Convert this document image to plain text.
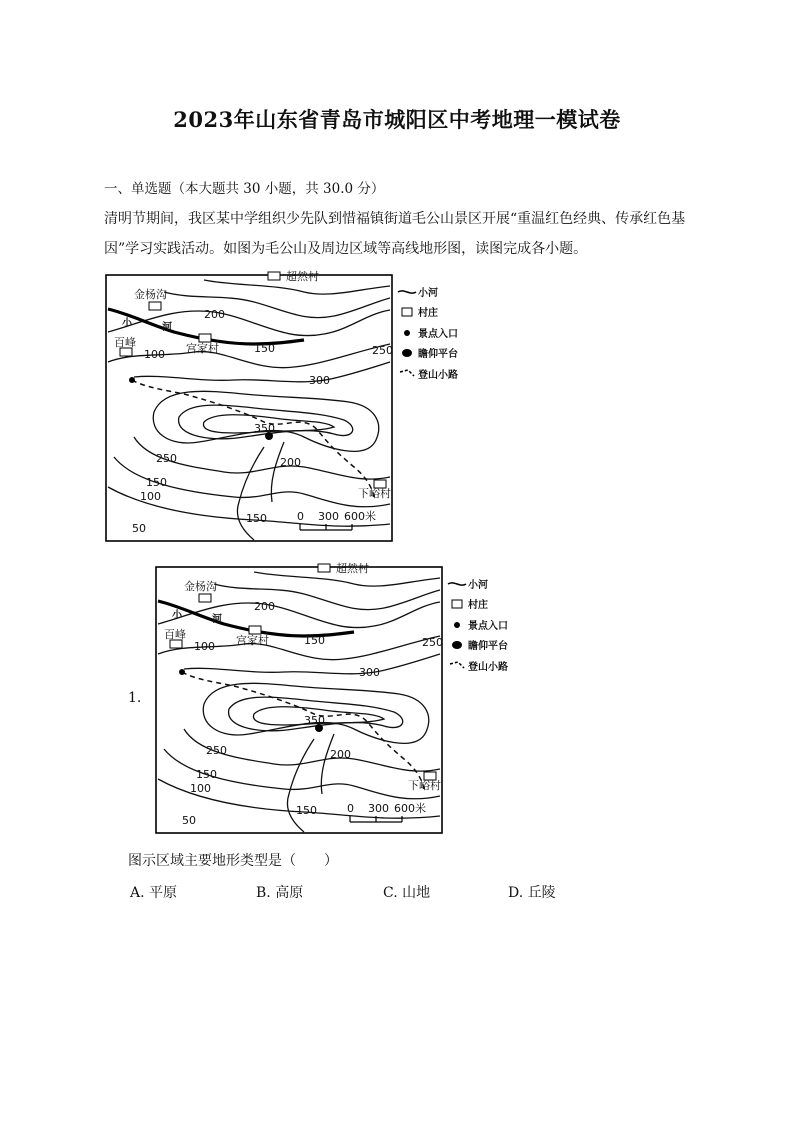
2023年山东省青岛市城阳区中考地理一模试卷
一、单选题（本大题共 30 小题，共 30.0 分）
清明节期间，我区某中学组织少先队到惜福镇街道毛公山景区开展“重温红色经典、传承红色基因”学习实践活动。如图为毛公山及周边区域等高线地形图，读图完成各小题。
小	河
超然村
金杨沟
宫家村
百峰
下峪村
200
100	150	250
300
350
250	200
150
100
50
150	0 300 600米
小河
村庄
景点入口
瞻仰平台
登山小路
1.
小	河
超然村
金杨沟
宫家村
百峰
下峪村
200
100	150	250
300
350
250	200
150
100
50
150	0 300 600米
小河
村庄
景点入口
瞻仰平台
登山小路
图示区域主要地形类型是（　　）
A. 平原	B. 高原	C. 山地	D. 丘陵
